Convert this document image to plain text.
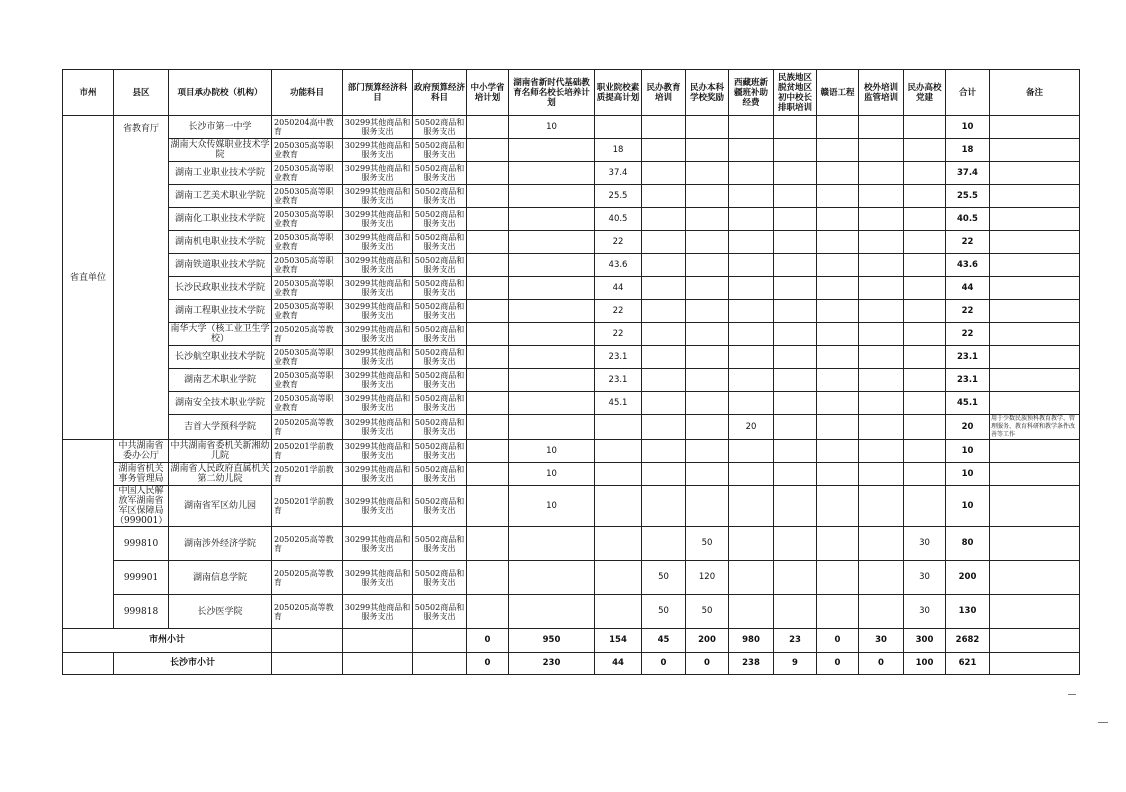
市州	县区	项目承办院校（机构）	功能科目	部门预算经济科目	政府预算经济科目	中小学省培计划	湖南省新时代基础教育名师名校长培养计划	职业院校素质提高计划	民办教育培训	民办本科学校奖励	西藏班新疆班补助经费	民族地区脱贫地区初中校长排职培训	赣语工程	校外培训监管培训	民办高校党建	合计	备注
省直单位	省教育厅	长沙市第一中学	2050204高中教育	30299其他商品和服务支出	50502商品和服务支出		10									10	
		湖南大众传媒职业技术学院	2050305高等职业教育	30299其他商品和服务支出	50502商品和服务支出			18								18	
		湖南工业职业技术学院	2050305高等职业教育	30299其他商品和服务支出	50502商品和服务支出			37.4								37.4	
		湖南工艺美术职业学院	2050305高等职业教育	30299其他商品和服务支出	50502商品和服务支出			25.5								25.5	
		湖南化工职业技术学院	2050305高等职业教育	30299其他商品和服务支出	50502商品和服务支出			40.5								40.5	
		湖南机电职业技术学院	2050305高等职业教育	30299其他商品和服务支出	50502商品和服务支出			22								22	
		湖南铁道职业技术学院	2050305高等职业教育	30299其他商品和服务支出	50502商品和服务支出			43.6								43.6	
		长沙民政职业技术学院	2050305高等职业教育	30299其他商品和服务支出	50502商品和服务支出			44								44	
		湖南工程职业技术学院	2050305高等职业教育	30299其他商品和服务支出	50502商品和服务支出			22								22	
		南华大学（核工业卫生学校）	2050205高等教育	30299其他商品和服务支出	50502商品和服务支出			22								22	
		长沙航空职业技术学院	2050305高等职业教育	30299其他商品和服务支出	50502商品和服务支出			23.1								23.1	
		湖南艺术职业学院	2050305高等职业教育	30299其他商品和服务支出	50502商品和服务支出			23.1								23.1	
		湖南安全技术职业学院	2050305高等职业教育	30299其他商品和服务支出	50502商品和服务支出			45.1								45.1	
		吉首大学预科学院	2050205高等教育	30299其他商品和服务支出	50502商品和服务支出						20					20	用于少数民族预科教育教学、管理服务、教育科研和教学条件改善等工作
	中共湖南省委办公厅	中共湖南省委机关新湘幼儿院	2050201学前教育	30299其他商品和服务支出	50502商品和服务支出		10									10	
	湖南省机关事务管理局	湖南省人民政府直属机关第二幼儿院	2050201学前教育	30299其他商品和服务支出	50502商品和服务支出		10									10	
	中国人民解放军湖南省军区保障局（999001）	湖南省军区幼儿园	2050201学前教育	30299其他商品和服务支出	50502商品和服务支出		10									10	
	999810	湖南涉外经济学院	2050205高等教育	30299其他商品和服务支出	50502商品和服务支出					50					30	80	
	999901	湖南信息学院	2050205高等教育	30299其他商品和服务支出	50502商品和服务支出				50	120					30	200	
	999818	长沙医学院	2050205高等教育	30299其他商品和服务支出	50502商品和服务支出				50	50					30	130	
市州小计						0	950	154	45	200	980	23	0	30	300	2682	
	长沙市小计					0	230	44	0	0	238	9	0	0	100	621	
